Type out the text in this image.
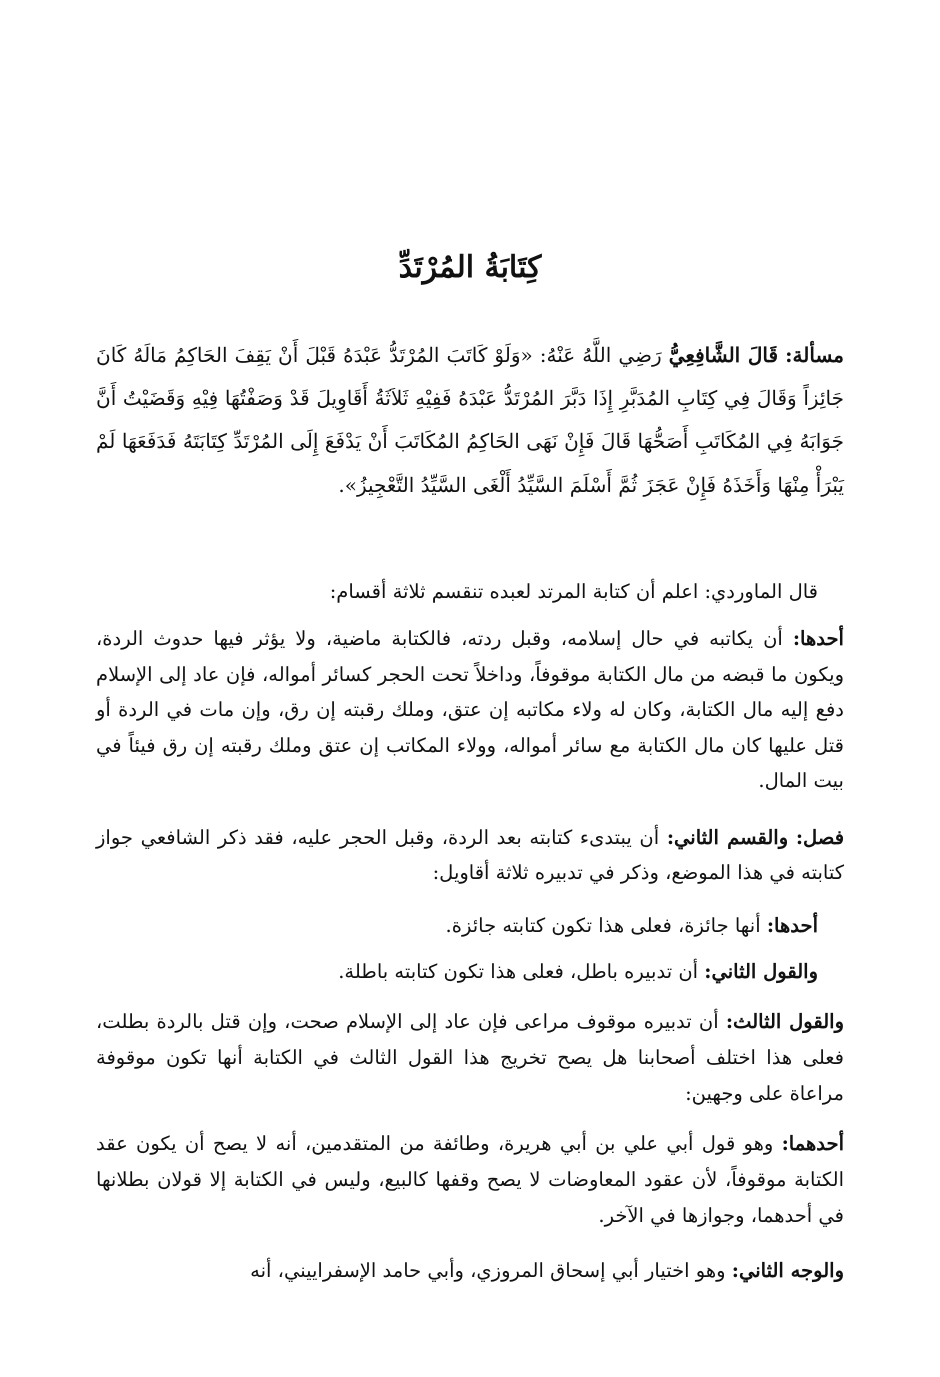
كِتَابَةُ المُرْتَدِّ

مسألة: قَالَ الشَّافِعِيُّ رَضِي اللَّهُ عَنْهُ: «وَلَوْ كَاتَبَ المُرْتَدُّ عَبْدَهُ قَبْلَ أَنْ يَقِفَ الحَاكِمُ مَالَهُ كَانَ جَائِزاً وَقَالَ فِي كِتَابِ المُدَبَّرِ إِذَا دَبَّرَ المُرْتَدُّ عَبْدَهُ فَفِيْهِ ثَلاَثَةُ أَقَاوِيلَ قَدْ وَصَفْتُهَا فِيْهِ وَقَضَيْتُ أَنَّ جَوَابَهُ فِي المُكَاتَبِ أَصَحُّهَا قَالَ فَإِنْ نَهَى الحَاكِمُ المُكَاتَبَ أَنْ يَدْفَعَ إِلَى المُرْتَدِّ كِتَابَتَهُ فَدَفَعَهَا لَمْ يَبْرَأْ مِنْهَا وَأَخَذَهُ فَإِنْ عَجَزَ ثُمَّ أَسْلَمَ السَّيِّدُ أَلْغَى السَّيِّدُ التَّعْجِيزُ».

قال الماوردي: اعلم أن كتابة المرتد لعبده تنقسم ثلاثة أقسام:

أحدها: أن يكاتبه في حال إسلامه، وقبل ردته، فالكتابة ماضية، ولا يؤثر فيها حدوث الردة، ويكون ما قبضه من مال الكتابة موقوفاً، وداخلاً تحت الحجر كسائر أمواله، فإن عاد إلى الإسلام دفع إليه مال الكتابة، وكان له ولاء مكاتبه إن عتق، وملك رقبته إن رق، وإن مات في الردة أو قتل عليها كان مال الكتابة مع سائر أمواله، وولاء المكاتب إن عتق وملك رقبته إن رق فيئاً في بيت المال.

فصل: والقسم الثاني: أن يبتدىء كتابته بعد الردة، وقبل الحجر عليه، فقد ذكر الشافعي جواز كتابته في هذا الموضع، وذكر في تدبيره ثلاثة أقاويل:

أحدها: أنها جائزة، فعلى هذا تكون كتابته جائزة.

والقول الثاني: أن تدبيره باطل، فعلى هذا تكون كتابته باطلة.

والقول الثالث: أن تدبيره موقوف مراعى فإن عاد إلى الإسلام صحت، وإن قتل بالردة بطلت، فعلى هذا اختلف أصحابنا هل يصح تخريج هذا القول الثالث في الكتابة أنها تكون موقوفة مراعاة على وجهين:

أحدهما: وهو قول أبي علي بن أبي هريرة، وطائفة من المتقدمين، أنه لا يصح أن يكون عقد الكتابة موقوفاً، لأن عقود المعاوضات لا يصح وقفها كالبيع، وليس في الكتابة إلا قولان بطلانها في أحدهما، وجوازها في الآخر.

والوجه الثاني: وهو اختيار أبي إسحاق المروزي، وأبي حامد الإسفراييني، أنه
